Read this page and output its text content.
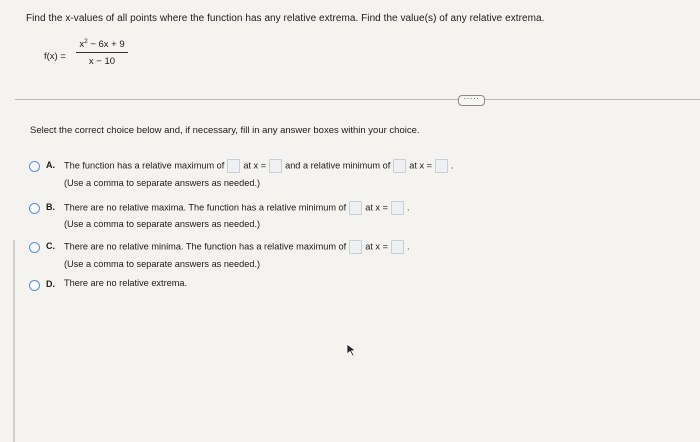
Find the x-values of all points where the function has any relative extrema. Find the value(s) of any relative extrema.
$f(x) = \frac{x^2 - 6x + 9}{x - 10}$
·····
Select the correct choice below and, if necessary, fill in any answer boxes within your choice.
A. The function has a relative maximum of at x = and a relative minimum of at x = .
(Use a comma to separate answers as needed.)
B. There are no relative maxima. The function has a relative minimum of at x = .
(Use a comma to separate answers as needed.)
C. There are no relative minima. The function has a relative maximum of at x = .
(Use a comma to separate answers as needed.)
D. There are no relative extrema.
